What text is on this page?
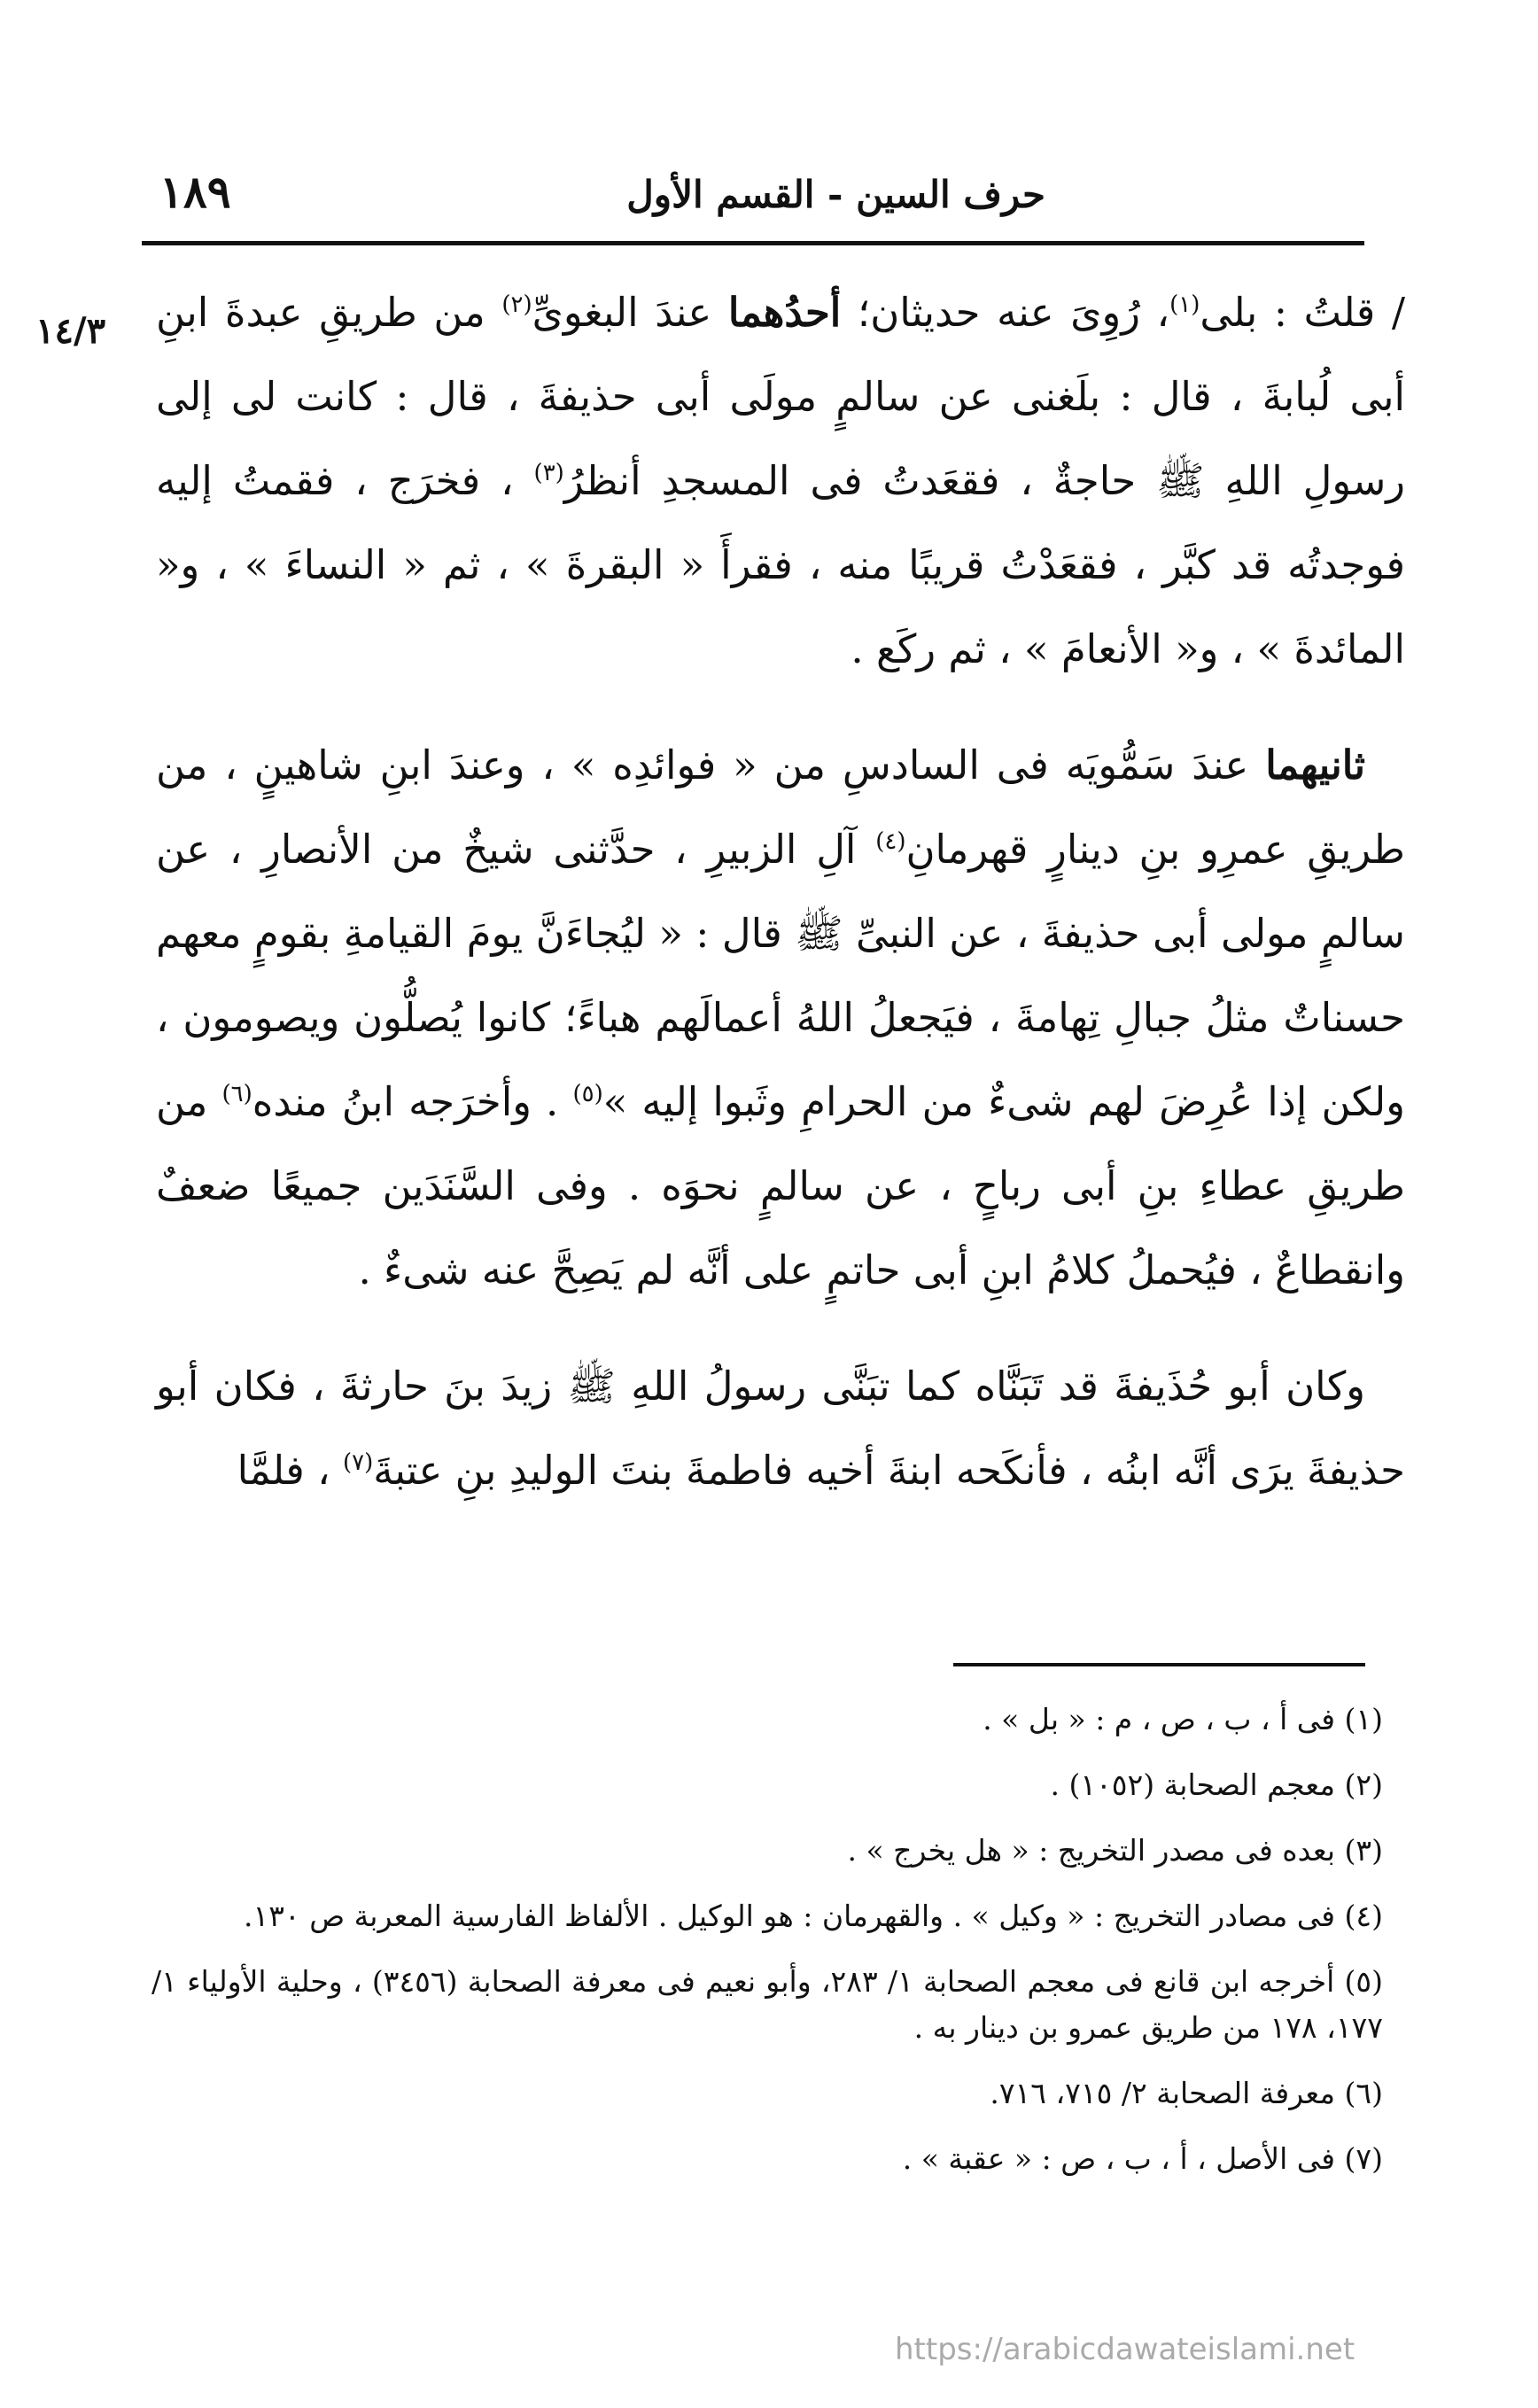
حرف السين - القسم الأول
١٨٩
١٤/٣	/ قلتُ : بلى$^{(١)}$، رُوِىَ عنه حديثان؛ أحدُهما عندَ البغوىِّ$^{(٢)}$ من طريقِ عبدةَ ابنِ أبى لُبابةَ ، قال : بلَغنى عن سالمٍ مولَى أبى حذيفةَ ، قال : كانت لى إلى رسولِ اللهِ ﷺ حاجةٌ ، فقعَدتُ فى المسجدِ أنظرُ$^{(٣)}$ ، فخرَج ، فقمتُ إليه فوجدتُه قد كبَّر ، فقعَدْتُ قريبًا منه ، فقرأَ « البقرةَ » ، ثم « النساءَ » ، و« المائدةَ » ، و« الأنعامَ » ، ثم ركَع .

ثانيهما عندَ سَمُّويَه فى السادسِ من « فوائدِه » ، وعندَ ابنِ شاهينٍ ، من طريقِ عمرِو بنِ دينارٍ قهرمانِ$^{(٤)}$ آلِ الزبيرِ ، حدَّثنى شيخٌ من الأنصارِ ، عن سالمٍ مولى أبى حذيفةَ ، عن النبىِّ ﷺ قال : « ليُجاءَنَّ يومَ القيامةِ بقومٍ معهم حسناتٌ مثلُ جبالِ تِهامةَ ، فيَجعلُ اللهُ أعمالَهم هباءً؛ كانوا يُصلُّون ويصومون ، ولكن إذا عُرِضَ لهم شىءٌ من الحرامِ وثَبوا إليه »$^{(٥)}$ . وأخرَجه ابنُ منده$^{(٦)}$ من طريقِ عطاءِ بنِ أبى رباحٍ ، عن سالمٍ نحوَه . وفى السَّنَدَين جميعًا ضعفٌ وانقطاعٌ ، فيُحملُ كلامُ ابنِ أبى حاتمٍ على أنَّه لم يَصِحَّ عنه شىءٌ .

وكان أبو حُذَيفةَ قد تَبَنَّاه كما تبَنَّى رسولُ اللهِ ﷺ زيدَ بنَ حارثةَ ، فكان أبو حذيفةَ يرَى أنَّه ابنُه ، فأنكَحه ابنةَ أخيه فاطمةَ بنتَ الوليدِ بنِ عتبةَ$^{(٧)}$ ، فلمَّا

(١) فى أ ، ب ، ص ، م : « بل » .
(٢) معجم الصحابة (١٠٥٢) .
(٣) بعده فى مصدر التخريج : « هل يخرج » .
(٤) فى مصادر التخريج : « وكيل » . والقهرمان : هو الوكيل . الألفاظ الفارسية المعربة ص ١٣٠.
(٥) أخرجه ابن قانع فى معجم الصحابة ١/ ٢٨٣، وأبو نعيم فى معرفة الصحابة (٣٤٥٦) ، وحلية الأولياء ١/ ١٧٧، ١٧٨ من طريق عمرو بن دينار به .
(٦) معرفة الصحابة ٢/ ٧١٥، ٧١٦.
(٧) فى الأصل ، أ ، ب ، ص : « عقبة » .
https://arabicdawateislami.net
